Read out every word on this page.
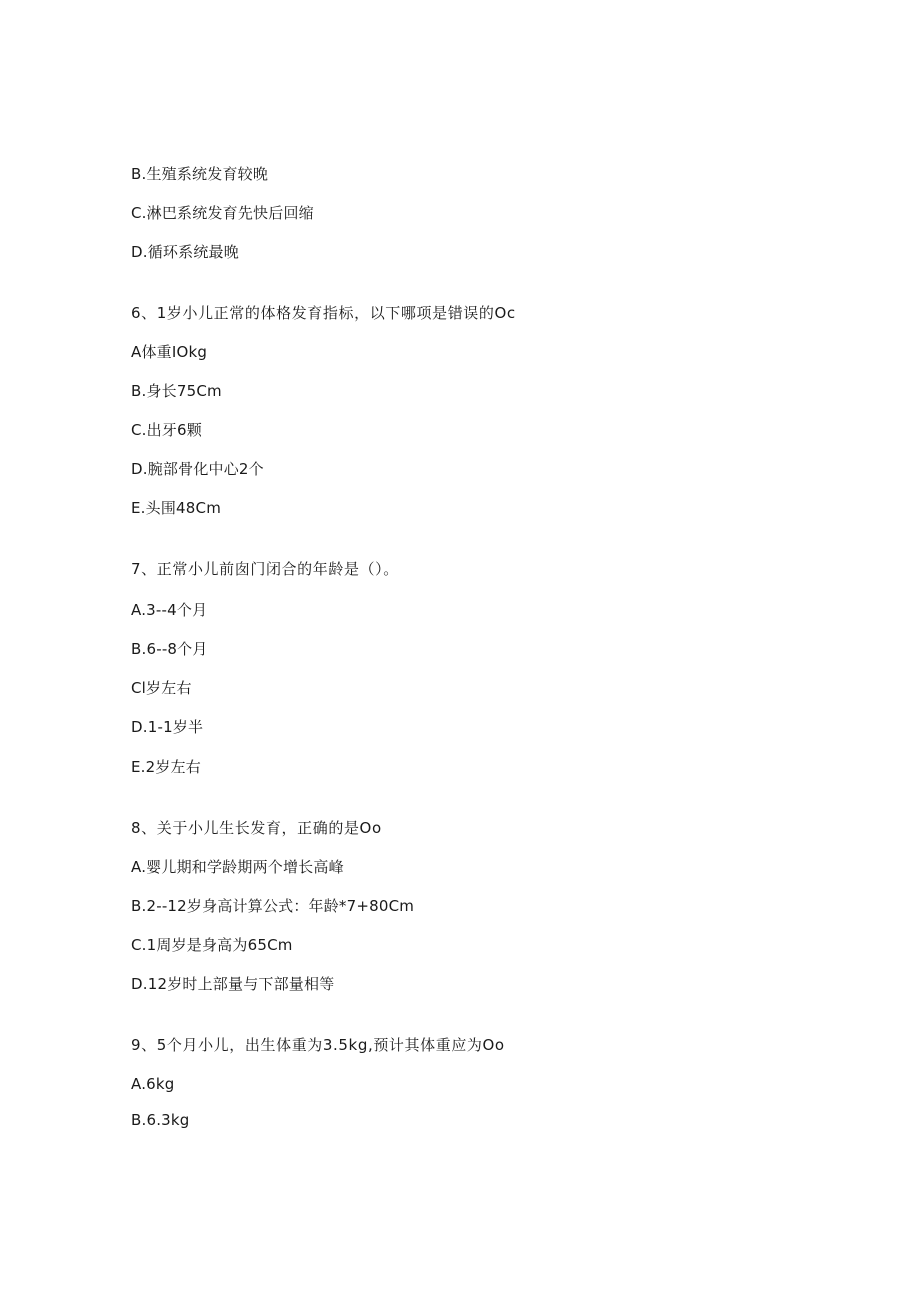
B.生殖系统发育较晚
C.淋巴系统发育先快后回缩
D.循环系统最晚
6、1岁小儿正常的体格发育指标，以下哪项是错误的Oc
A体重IOkg
B.身长75Cm
C.出牙6颗
D.腕部骨化中心2个
E.头围48Cm
7、正常小儿前囱门闭合的年龄是（）。
A.3--4个月
B.6--8个月
Cl岁左右
D.1-1岁半
E.2岁左右
8、关于小儿生长发育，正确的是Oo
A.婴儿期和学龄期两个增长高峰
B.2--12岁身高计算公式：年龄*7+80Cm
C.1周岁是身高为65Cm
D.12岁时上部量与下部量相等
9、5个月小儿，出生体重为3.5kg,预计其体重应为Oo
A.6kg
B.6.3kg
